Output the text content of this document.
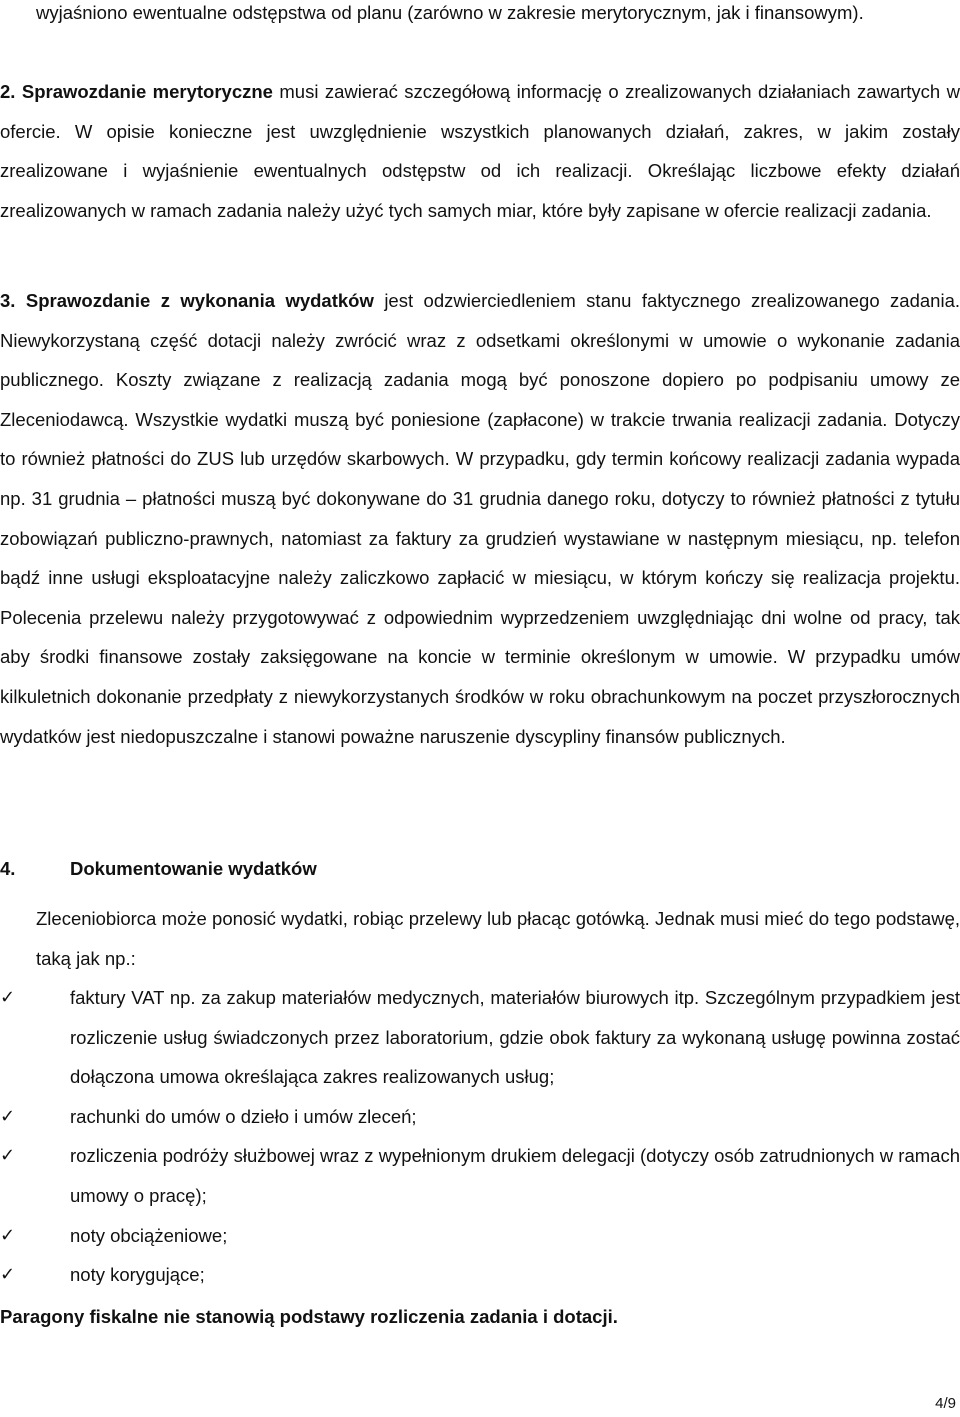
wyjaśniono ewentualne odstępstwa od planu (zarówno w zakresie merytorycznym, jak i finansowym).

2. Sprawozdanie merytoryczne musi zawierać szczegółową informację o zrealizowanych działaniach zawartych w ofercie. W opisie konieczne jest uwzględnienie wszystkich planowanych działań, zakres, w jakim zostały zrealizowane i wyjaśnienie ewentualnych odstępstw od ich realizacji. Określając liczbowe efekty działań zrealizowanych w ramach zadania należy użyć tych samych miar, które były zapisane w ofercie realizacji zadania.

3. Sprawozdanie z wykonania wydatków jest odzwierciedleniem stanu faktycznego zrealizowanego zadania. Niewykorzystaną część dotacji należy zwrócić wraz z odsetkami określonymi w umowie o wykonanie zadania publicznego. Koszty związane z realizacją zadania mogą być ponoszone dopiero po podpisaniu umowy ze Zleceniodawcą. Wszystkie wydatki muszą być poniesione (zapłacone) w trakcie trwania realizacji zadania. Dotyczy to również płatności do ZUS lub urzędów skarbowych. W przypadku, gdy termin końcowy realizacji zadania wypada np. 31 grudnia – płatności muszą być dokonywane do 31 grudnia danego roku, dotyczy to również płatności z tytułu zobowiązań publiczno-prawnych, natomiast za faktury za grudzień wystawiane w następnym miesiącu, np. telefon bądź inne usługi eksploatacyjne należy zaliczkowo zapłacić w miesiącu, w którym kończy się realizacja projektu. Polecenia przelewu należy przygotowywać z odpowiednim wyprzedzeniem uwzględniając dni wolne od pracy, tak aby środki finansowe zostały zaksięgowane na koncie w terminie określonym w umowie. W przypadku umów kilkuletnich dokonanie przedpłaty z niewykorzystanych środków w roku obrachunkowym na poczet przyszłorocznych wydatków jest niedopuszczalne i stanowi poważne naruszenie dyscypliny finansów publicznych.

4.	Dokumentowanie wydatków

Zleceniobiorca może ponosić wydatki, robiąc przelewy lub płacąc gotówką. Jednak musi mieć do tego podstawę, taką jak np.:

✓	faktury VAT np. za zakup materiałów medycznych, materiałów biurowych itp. Szczególnym przypadkiem jest rozliczenie usług świadczonych przez laboratorium, gdzie obok faktury za wykonaną usługę powinna zostać dołączona umowa określająca zakres realizowanych usług;
✓	rachunki do umów o dzieło i umów zleceń;
✓	rozliczenia podróży służbowej wraz z wypełnionym drukiem delegacji (dotyczy osób zatrudnionych w ramach umowy o pracę);
✓	noty obciążeniowe;
✓	noty korygujące;

Paragony fiskalne nie stanowią podstawy rozliczenia zadania i dotacji.

4/9
